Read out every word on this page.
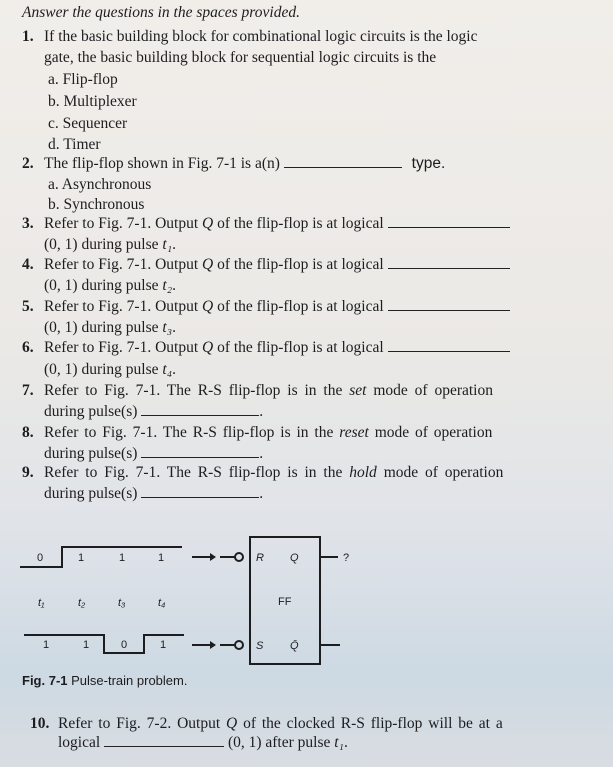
Answer the questions in the spaces provided.
1. If the basic building block for combinational logic circuits is the logic
gate, the basic building block for sequential logic circuits is the
a. Flip-flop
b. Multiplexer
c. Sequencer
d. Timer
2. The flip-flop shown in Fig. 7-1 is a(n)	type.
a. Asynchronous
b. Synchronous
3. Refer to Fig. 7-1. Output Q of the flip-flop is at logical
(0, 1) during pulse t₁.
4. Refer to Fig. 7-1. Output Q of the flip-flop is at logical
(0, 1) during pulse t₂.
5. Refer to Fig. 7-1. Output Q of the flip-flop is at logical
(0, 1) during pulse t₃.
6. Refer to Fig. 7-1. Output Q of the flip-flop is at logical
(0, 1) during pulse t₄.
7. Refer to Fig. 7-1. The R-S flip-flop is in the set mode of operation
during pulse(s)	.
8. Refer to Fig. 7-1. The R-S flip-flop is in the reset mode of operation
during pulse(s)	.
9. Refer to Fig. 7-1. The R-S flip-flop is in the hold mode of operation
during pulse(s)	.
0	1	1	1
t₁	t₂	t₃	t₄
1	1	0	1
R
S
Q
Q̄
FF
?
Fig. 7-1 Pulse-train problem.
10. Refer to Fig. 7-2. Output Q of the clocked R-S flip-flop will be at a
logical	(0, 1) after pulse t₁.
